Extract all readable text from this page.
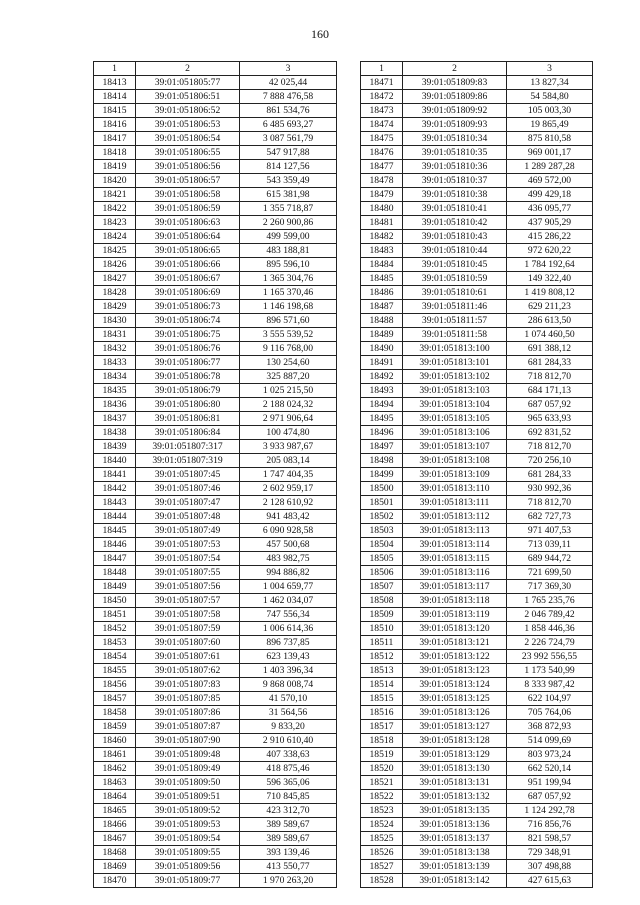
160
1	2	3
18413	39:01:051805:77	42 025,44
18414	39:01:051806:51	7 888 476,58
18415	39:01:051806:52	861 534,76
18416	39:01:051806:53	6 485 693,27
18417	39:01:051806:54	3 087 561,79
18418	39:01:051806:55	547 917,88
18419	39:01:051806:56	814 127,56
18420	39:01:051806:57	543 359,49
18421	39:01:051806:58	615 381,98
18422	39:01:051806:59	1 355 718,87
18423	39:01:051806:63	2 260 900,86
18424	39:01:051806:64	499 599,00
18425	39:01:051806:65	483 188,81
18426	39:01:051806:66	895 596,10
18427	39:01:051806:67	1 365 304,76
18428	39:01:051806:69	1 165 370,46
18429	39:01:051806:73	1 146 198,68
18430	39:01:051806:74	896 571,60
18431	39:01:051806:75	3 555 539,52
18432	39:01:051806:76	9 116 768,00
18433	39:01:051806:77	130 254,60
18434	39:01:051806:78	325 887,20
18435	39:01:051806:79	1 025 215,50
18436	39:01:051806:80	2 188 024,32
18437	39:01:051806:81	2 971 906,64
18438	39:01:051806:84	100 474,80
18439	39:01:051807:317	3 933 987,67
18440	39:01:051807:319	205 083,14
18441	39:01:051807:45	1 747 404,35
18442	39:01:051807:46	2 602 959,17
18443	39:01:051807:47	2 128 610,92
18444	39:01:051807:48	941 483,42
18445	39:01:051807:49	6 090 928,58
18446	39:01:051807:53	457 500,68
18447	39:01:051807:54	483 982,75
18448	39:01:051807:55	994 886,82
18449	39:01:051807:56	1 004 659,77
18450	39:01:051807:57	1 462 034,07
18451	39:01:051807:58	747 556,34
18452	39:01:051807:59	1 006 614,36
18453	39:01:051807:60	896 737,85
18454	39:01:051807:61	623 139,43
18455	39:01:051807:62	1 403 396,34
18456	39:01:051807:83	9 868 008,74
18457	39:01:051807:85	41 570,10
18458	39:01:051807:86	31 564,56
18459	39:01:051807:87	9 833,20
18460	39:01:051807:90	2 910 610,40
18461	39:01:051809:48	407 338,63
18462	39:01:051809:49	418 875,46
18463	39:01:051809:50	596 365,06
18464	39:01:051809:51	710 845,85
18465	39:01:051809:52	423 312,70
18466	39:01:051809:53	389 589,67
18467	39:01:051809:54	389 589,67
18468	39:01:051809:55	393 139,46
18469	39:01:051809:56	413 550,77
18470	39:01:051809:77	1 970 263,20
1	2	3
18471	39:01:051809:83	13 827,34
18472	39:01:051809:86	54 584,80
18473	39:01:051809:92	105 003,30
18474	39:01:051809:93	19 865,49
18475	39:01:051810:34	875 810,58
18476	39:01:051810:35	969 001,17
18477	39:01:051810:36	1 289 287,28
18478	39:01:051810:37	469 572,00
18479	39:01:051810:38	499 429,18
18480	39:01:051810:41	436 095,77
18481	39:01:051810:42	437 905,29
18482	39:01:051810:43	415 286,22
18483	39:01:051810:44	972 620,22
18484	39:01:051810:45	1 784 192,64
18485	39:01:051810:59	149 322,40
18486	39:01:051810:61	1 419 808,12
18487	39:01:051811:46	629 211,23
18488	39:01:051811:57	286 613,50
18489	39:01:051811:58	1 074 460,50
18490	39:01:051813:100	691 388,12
18491	39:01:051813:101	681 284,33
18492	39:01:051813:102	718 812,70
18493	39:01:051813:103	684 171,13
18494	39:01:051813:104	687 057,92
18495	39:01:051813:105	965 633,93
18496	39:01:051813:106	692 831,52
18497	39:01:051813:107	718 812,70
18498	39:01:051813:108	720 256,10
18499	39:01:051813:109	681 284,33
18500	39:01:051813:110	930 992,36
18501	39:01:051813:111	718 812,70
18502	39:01:051813:112	682 727,73
18503	39:01:051813:113	971 407,53
18504	39:01:051813:114	713 039,11
18505	39:01:051813:115	689 944,72
18506	39:01:051813:116	721 699,50
18507	39:01:051813:117	717 369,30
18508	39:01:051813:118	1 765 235,76
18509	39:01:051813:119	2 046 789,42
18510	39:01:051813:120	1 858 446,36
18511	39:01:051813:121	2 226 724,79
18512	39:01:051813:122	23 992 556,55
18513	39:01:051813:123	1 173 540,99
18514	39:01:051813:124	8 333 987,42
18515	39:01:051813:125	622 104,97
18516	39:01:051813:126	705 764,06
18517	39:01:051813:127	368 872,93
18518	39:01:051813:128	514 099,69
18519	39:01:051813:129	803 973,24
18520	39:01:051813:130	662 520,14
18521	39:01:051813:131	951 199,94
18522	39:01:051813:132	687 057,92
18523	39:01:051813:135	1 124 292,78
18524	39:01:051813:136	716 856,76
18525	39:01:051813:137	821 598,57
18526	39:01:051813:138	729 348,91
18527	39:01:051813:139	307 498,88
18528	39:01:051813:142	427 615,63
